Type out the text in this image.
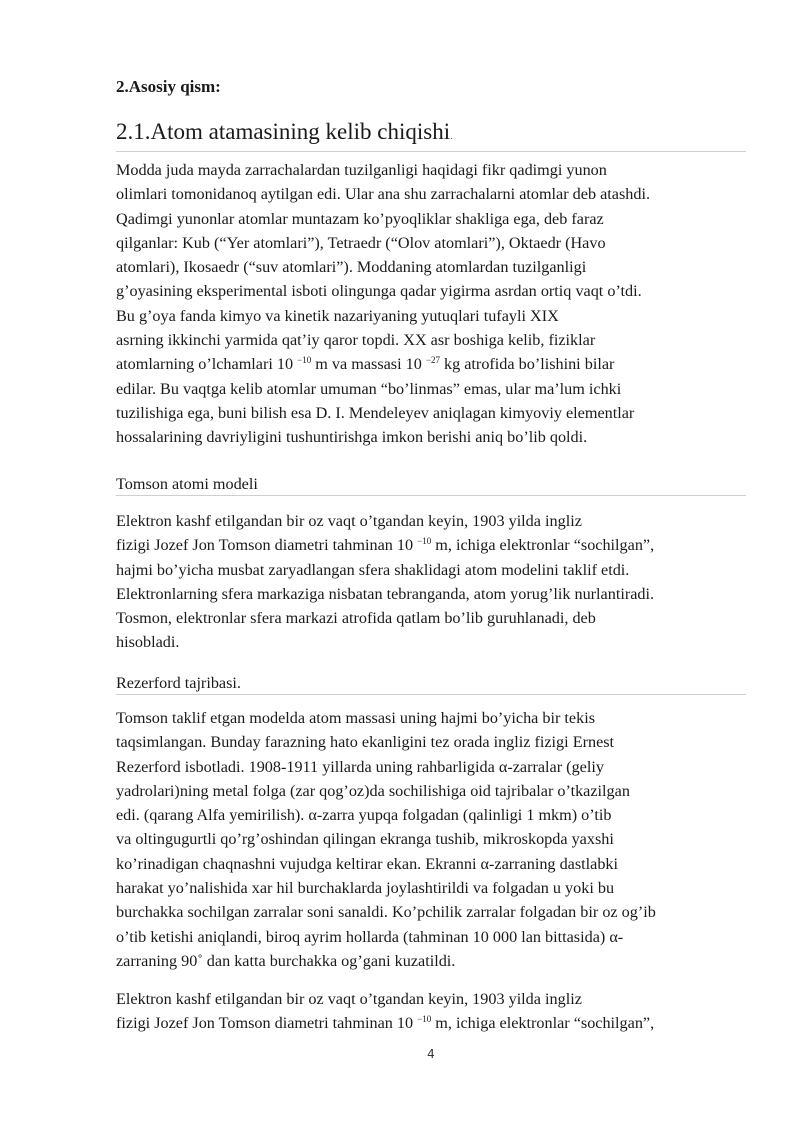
2.Asosiy qism:
2.1.Atom atamasining kelib chiqishi.

Modda juda mayda zarrachalardan tuzilganligi haqidagi fikr qadimgi yunon
olimlari tomonidanoq aytilgan edi. Ular ana shu zarrachalarni atomlar deb atashdi.
Qadimgi yunonlar atomlar muntazam ko’pyoqliklar shakliga ega, deb faraz
qilganlar: Kub (“Yer atomlari”), Tetraedr (“Olov atomlari”), Oktaedr (Havo
atomlari), Ikosaedr (“suv atomlari”). Moddaning atomlardan tuzilganligi
g’oyasining eksperimental isboti olingunga qadar yigirma asrdan ortiq vaqt o’tdi.
Bu g’oya fanda kimyo va kinetik nazariyaning yutuqlari tufayli XIX
asrning ikkinchi yarmida qat’iy qaror topdi. XX asr boshiga kelib, fiziklar
atomlarning o’lchamlari 10 $^{-10}$ m va massasi 10 $^{-27}$ kg atrofida bo’lishini bilar
edilar. Bu vaqtga kelib atomlar umuman “bo’linmas” emas, ular ma’lum ichki
tuzilishiga ega, buni bilish esa D. I. Mendeleyev aniqlagan kimyoviy elementlar
hossalarining davriyligini tushuntirishga imkon berishi aniq bo’lib qoldi.

Tomson atomi modeli

Elektron kashf etilgandan bir oz vaqt o’tgandan keyin, 1903 yilda ingliz
fizigi Jozef Jon Tomson diametri tahminan 10 $^{-10}$ m, ichiga elektronlar “sochilgan”,
hajmi bo’yicha musbat zaryadlangan sfera shaklidagi atom modelini taklif etdi.
Elektronlarning sfera markaziga nisbatan tebranganda, atom yorug’lik nurlantiradi.
Tosmon, elektronlar sfera markazi atrofida qatlam bo’lib guruhlanadi, deb
hisobladi.

Rezerford tajribasi.

Tomson taklif etgan modelda atom massasi uning hajmi bo’yicha bir tekis
taqsimlangan. Bunday farazning hato ekanligini tez orada ingliz fizigi Ernest
Rezerford isbotladi. 1908-1911 yillarda uning rahbarligida α-zarralar (geliy
yadrolari)ning metal folga (zar qog’oz)da sochilishiga oid tajribalar o’tkazilgan
edi. (qarang Alfa yemirilish). α-zarra yupqa folgadan (qalinligi 1 mkm) o’tib
va oltingugurtli qo’rg’oshindan qilingan ekranga tushib, mikroskopda yaxshi
ko’rinadigan chaqnashni vujudga keltirar ekan. Ekranni α-zarraning dastlabki
harakat yo’nalishida xar hil burchaklarda joylashtirildi va folgadan u yoki bu
burchakka sochilgan zarralar soni sanaldi. Ko’pchilik zarralar folgadan bir oz og’ib
o’tib ketishi aniqlandi, biroq ayrim hollarda (tahminan 10 000 lan bittasida) α-
zarraning 90˚ dan katta burchakka og’gani kuzatildi.

Elektron kashf etilgandan bir oz vaqt o’tgandan keyin, 1903 yilda ingliz
fizigi Jozef Jon Tomson diametri tahminan 10 $^{-10}$ m, ichiga elektronlar “sochilgan”,

4
